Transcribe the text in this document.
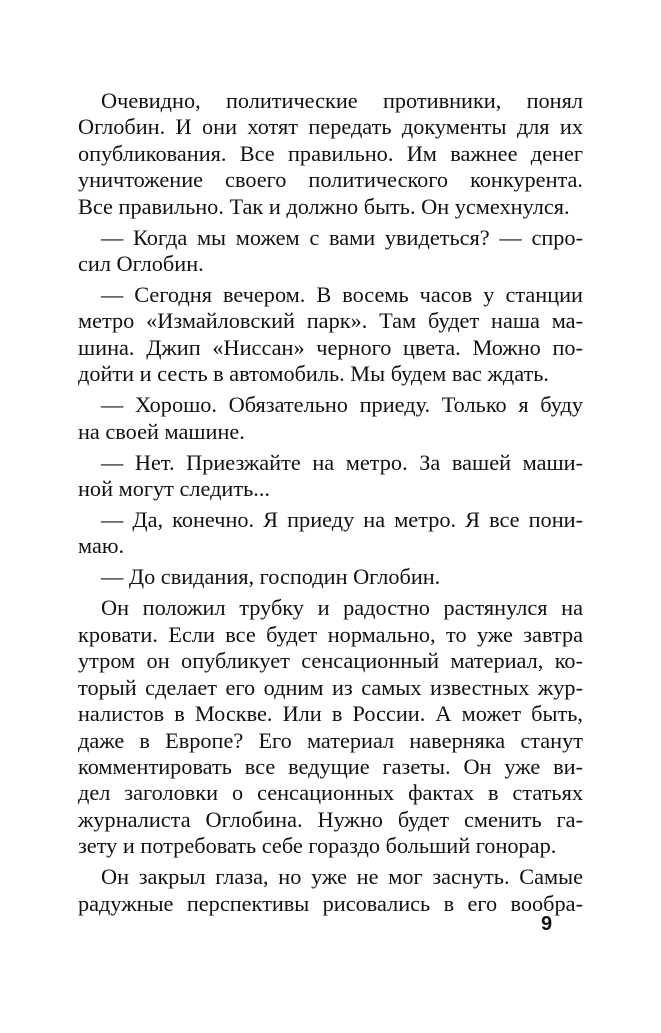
Очевидно, политические противники, понял
Оглобин. И они хотят передать документы для их
опубликования. Все правильно. Им важнее денег
уничтожение своего политического конкурента.
Все правильно. Так и должно быть. Он усмехнулся.
— Когда мы можем с вами увидеться? — спро-
сил Оглобин.
— Сегодня вечером. В восемь часов у станции
метро «Измайловский парк». Там будет наша ма-
шина. Джип «Ниссан» черного цвета. Можно по-
дойти и сесть в автомобиль. Мы будем вас ждать.
— Хорошо. Обязательно приеду. Только я буду
на своей машине.
— Нет. Приезжайте на метро. За вашей маши-
ной могут следить...
— Да, конечно. Я приеду на метро. Я все пони-
маю.
— До свидания, господин Оглобин.
Он положил трубку и радостно растянулся на
кровати. Если все будет нормально, то уже завтра
утром он опубликует сенсационный материал, ко-
торый сделает его одним из самых известных жур-
налистов в Москве. Или в России. А может быть,
даже в Европе? Его материал наверняка станут
комментировать все ведущие газеты. Он уже ви-
дел заголовки о сенсационных фактах в статьях
журналиста Оглобина. Нужно будет сменить га-
зету и потребовать себе гораздо больший гонорар.
Он закрыл глаза, но уже не мог заснуть. Самые
радужные перспективы рисовались в его вообра-
9
